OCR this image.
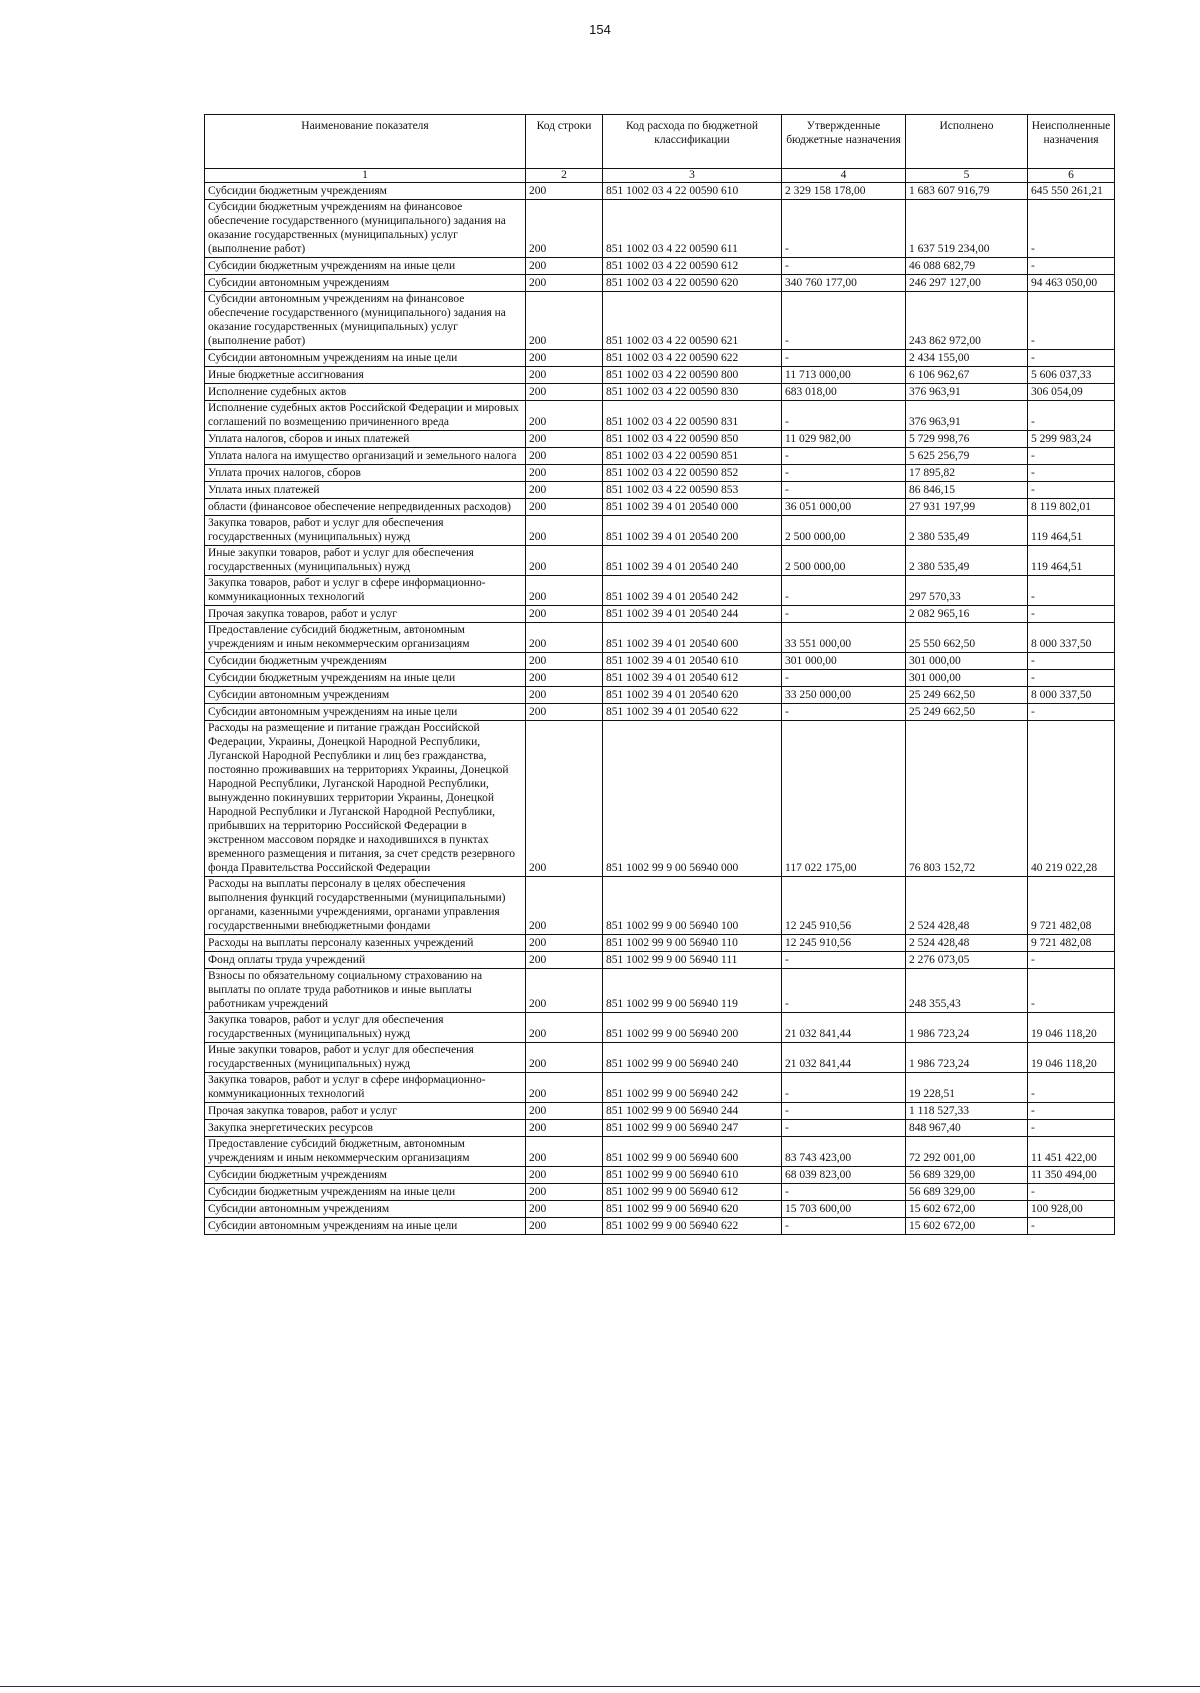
154
Наименование показателя	Код строки	Код расхода по бюджетной классификации	Утвержденные бюджетные назначения	Исполнено	Неисполненные назначения
1	2	3	4	5	6
Субсидии бюджетным учреждениям	200	851 1002 03 4 22 00590 610	2 329 158 178,00	1 683 607 916,79	645 550 261,21
Субсидии бюджетным учреждениям на финансовое обеспечение государственного (муниципального) задания на оказание государственных (муниципальных) услуг (выполнение работ)	200	851 1002 03 4 22 00590 611	-	1 637 519 234,00	-
Субсидии бюджетным учреждениям на иные цели	200	851 1002 03 4 22 00590 612	-	46 088 682,79	-
Субсидии автономным учреждениям	200	851 1002 03 4 22 00590 620	340 760 177,00	246 297 127,00	94 463 050,00
Субсидии автономным учреждениям на финансовое обеспечение государственного (муниципального) задания на оказание государственных (муниципальных) услуг (выполнение работ)	200	851 1002 03 4 22 00590 621	-	243 862 972,00	-
Субсидии автономным учреждениям на иные цели	200	851 1002 03 4 22 00590 622	-	2 434 155,00	-
Иные бюджетные ассигнования	200	851 1002 03 4 22 00590 800	11 713 000,00	6 106 962,67	5 606 037,33
Исполнение судебных актов	200	851 1002 03 4 22 00590 830	683 018,00	376 963,91	306 054,09
Исполнение судебных актов Российской Федерации и мировых соглашений по возмещению причиненного вреда	200	851 1002 03 4 22 00590 831	-	376 963,91	-
Уплата налогов, сборов и иных платежей	200	851 1002 03 4 22 00590 850	11 029 982,00	5 729 998,76	5 299 983,24
Уплата налога на имущество организаций и земельного налога	200	851 1002 03 4 22 00590 851	-	5 625 256,79	-
Уплата прочих налогов, сборов	200	851 1002 03 4 22 00590 852	-	17 895,82	-
Уплата иных платежей	200	851 1002 03 4 22 00590 853	-	86 846,15	-
области (финансовое обеспечение непредвиденных расходов)	200	851 1002 39 4 01 20540 000	36 051 000,00	27 931 197,99	8 119 802,01
Закупка товаров, работ и услуг для обеспечения государственных (муниципальных) нужд	200	851 1002 39 4 01 20540 200	2 500 000,00	2 380 535,49	119 464,51
Иные закупки товаров, работ и услуг для обеспечения государственных (муниципальных) нужд	200	851 1002 39 4 01 20540 240	2 500 000,00	2 380 535,49	119 464,51
Закупка товаров, работ и услуг в сфере информационно-коммуникационных технологий	200	851 1002 39 4 01 20540 242	-	297 570,33	-
Прочая закупка товаров, работ и услуг	200	851 1002 39 4 01 20540 244	-	2 082 965,16	-
Предоставление субсидий бюджетным, автономным учреждениям и иным некоммерческим организациям	200	851 1002 39 4 01 20540 600	33 551 000,00	25 550 662,50	8 000 337,50
Субсидии бюджетным учреждениям	200	851 1002 39 4 01 20540 610	301 000,00	301 000,00	-
Субсидии бюджетным учреждениям на иные цели	200	851 1002 39 4 01 20540 612	-	301 000,00	-
Субсидии автономным учреждениям	200	851 1002 39 4 01 20540 620	33 250 000,00	25 249 662,50	8 000 337,50
Субсидии автономным учреждениям на иные цели	200	851 1002 39 4 01 20540 622	-	25 249 662,50	-
Расходы на размещение и питание граждан Российской Федерации, Украины, Донецкой Народной Республики, Луганской Народной Республики и лиц без гражданства, постоянно проживавших на территориях Украины, Донецкой Народной Республики, Луганской Народной Республики, вынужденно покинувших территории Украины, Донецкой Народной Республики и Луганской Народной Республики, прибывших на территорию Российской Федерации в экстренном массовом порядке и находившихся в пунктах временного размещения и питания, за счет средств резервного фонда Правительства Российской Федерации	200	851 1002 99 9 00 56940 000	117 022 175,00	76 803 152,72	40 219 022,28
Расходы на выплаты персоналу в целях обеспечения выполнения функций государственными (муниципальными) органами, казенными учреждениями, органами управления государственными внебюджетными фондами	200	851 1002 99 9 00 56940 100	12 245 910,56	2 524 428,48	9 721 482,08
Расходы на выплаты персоналу казенных учреждений	200	851 1002 99 9 00 56940 110	12 245 910,56	2 524 428,48	9 721 482,08
Фонд оплаты труда учреждений	200	851 1002 99 9 00 56940 111	-	2 276 073,05	-
Взносы по обязательному социальному страхованию на выплаты по оплате труда работников и иные выплаты работникам учреждений	200	851 1002 99 9 00 56940 119	-	248 355,43	-
Закупка товаров, работ и услуг для обеспечения государственных (муниципальных) нужд	200	851 1002 99 9 00 56940 200	21 032 841,44	1 986 723,24	19 046 118,20
Иные закупки товаров, работ и услуг для обеспечения государственных (муниципальных) нужд	200	851 1002 99 9 00 56940 240	21 032 841,44	1 986 723,24	19 046 118,20
Закупка товаров, работ и услуг в сфере информационно-коммуникационных технологий	200	851 1002 99 9 00 56940 242	-	19 228,51	-
Прочая закупка товаров, работ и услуг	200	851 1002 99 9 00 56940 244	-	1 118 527,33	-
Закупка энергетических ресурсов	200	851 1002 99 9 00 56940 247	-	848 967,40	-
Предоставление субсидий бюджетным, автономным учреждениям и иным некоммерческим организациям	200	851 1002 99 9 00 56940 600	83 743 423,00	72 292 001,00	11 451 422,00
Субсидии бюджетным учреждениям	200	851 1002 99 9 00 56940 610	68 039 823,00	56 689 329,00	11 350 494,00
Субсидии бюджетным учреждениям на иные цели	200	851 1002 99 9 00 56940 612	-	56 689 329,00	-
Субсидии автономным учреждениям	200	851 1002 99 9 00 56940 620	15 703 600,00	15 602 672,00	100 928,00
Субсидии автономным учреждениям на иные цели	200	851 1002 99 9 00 56940 622	-	15 602 672,00	-
